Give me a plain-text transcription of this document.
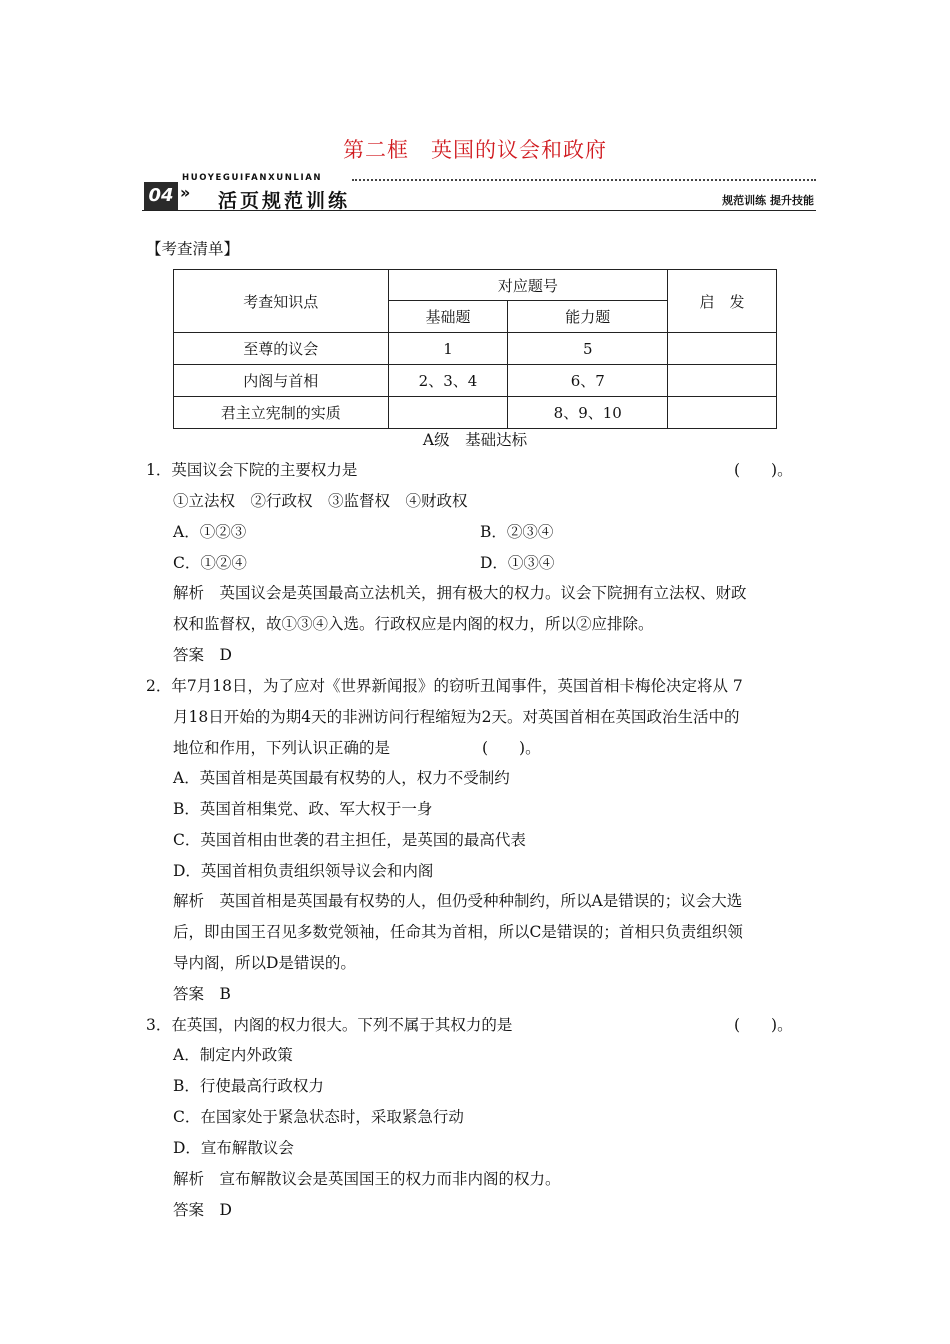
第二框　英国的议会和政府
04
HUOYEGUIFANXUNLIAN
» 活页规范训练	规范训练 提升技能
【考查清单】
考查知识点	对应题号		启　发
	基础题	能力题	
至尊的议会	1	5	
内阁与首相	2、3、4	6、7	
君主立宪制的实质		8、9、10	
A级　基础达标
1．英国议会下院的主要权力是	(　　)。
①立法权　②行政权　③监督权　④财政权
A．①②③	B．②③④
C．①②④	D．①③④
解析　英国议会是英国最高立法机关，拥有极大的权力。议会下院拥有立法权、财政
权和监督权，故①③④入选。行政权应是内阁的权力，所以②应排除。
答案　D
2．年7月18日，为了应对《世界新闻报》的窃听丑闻事件，英国首相卡梅伦决定将从 7
月18日开始的为期4天的非洲访问行程缩短为2天。对英国首相在英国政治生活中的
地位和作用，下列认识正确的是	(　　)。
A．英国首相是英国最有权势的人，权力不受制约
B．英国首相集党、政、军大权于一身
C．英国首相由世袭的君主担任，是英国的最高代表
D．英国首相负责组织领导议会和内阁
解析　英国首相是英国最有权势的人，但仍受种种制约，所以A是错误的；议会大选
后，即由国王召见多数党领袖，任命其为首相，所以C是错误的；首相只负责组织领
导内阁，所以D是错误的。
答案　B
3．在英国，内阁的权力很大。下列不属于其权力的是	(　　)。
A．制定内外政策
B．行使最高行政权力
C．在国家处于紧急状态时，采取紧急行动
D．宣布解散议会
解析　宣布解散议会是英国国王的权力而非内阁的权力。
答案　D
